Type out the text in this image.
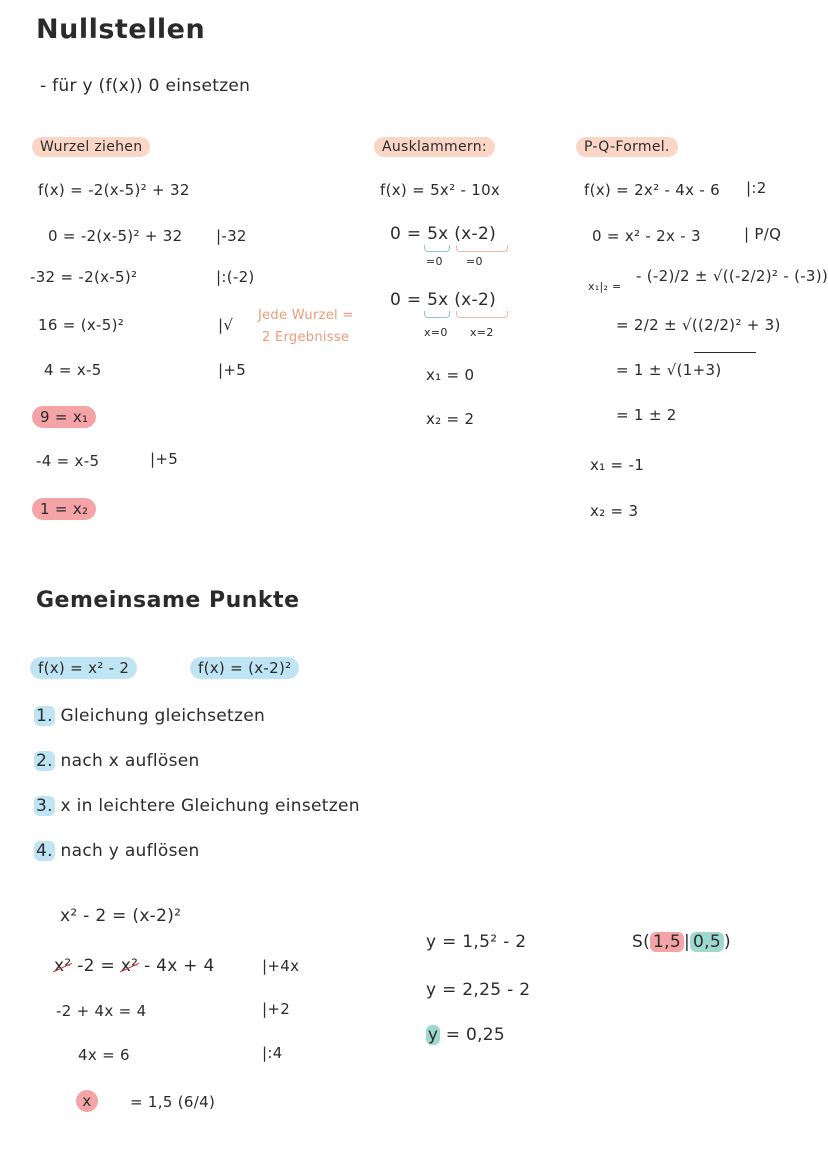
Nullstellen
- für y (f(x)) 0 einsetzen
Wurzel ziehen
f(x) = -2(x-5)² + 32
0 = -2(x-5)² + 32 |-32
-32 = -2(x-5)²	|:(-2)
16 = (x-5)²	|√
Jede Wurzel =
2 Ergebnisse
4 = x-5	|+5
9 = x₁
-4 = x-5	|+5
1 = x₂
Ausklammern:
f(x) = 5x² - 10x
0 = 5x (x-2)
=0 =0
0 = 5x (x-2)
x=0 x=2
x₁ = 0
x₂ = 2
P-Q-Formel.
f(x) = 2x² - 4x - 6 |:2
0 = x² - 2x - 3	| P/Q
x₁|₂ =
- (-2)/2 ± √((-2/2)² - (-3))
= 2/2 ± √((2/2)² + 3)
= 1 ± √(1+3)
= 1 ± 2
x₁ = -1
x₂ = 3
Gemeinsame Punkte
f(x) = x² - 2	f(x) = (x-2)²
1. Gleichung gleichsetzen
2. nach x auflösen
3. x in leichtere Gleichung einsetzen
4. nach y auflösen
x² - 2 = (x-2)²
x² -2 = x² - 4x + 4	|+4x
-2 + 4x = 4	|+2
4x = 6	|:4
x	= 1,5 (6/4)
y = 1,5² - 2
y = 2,25 - 2
y = 0,25
S( 1,5 | 0,5 )
